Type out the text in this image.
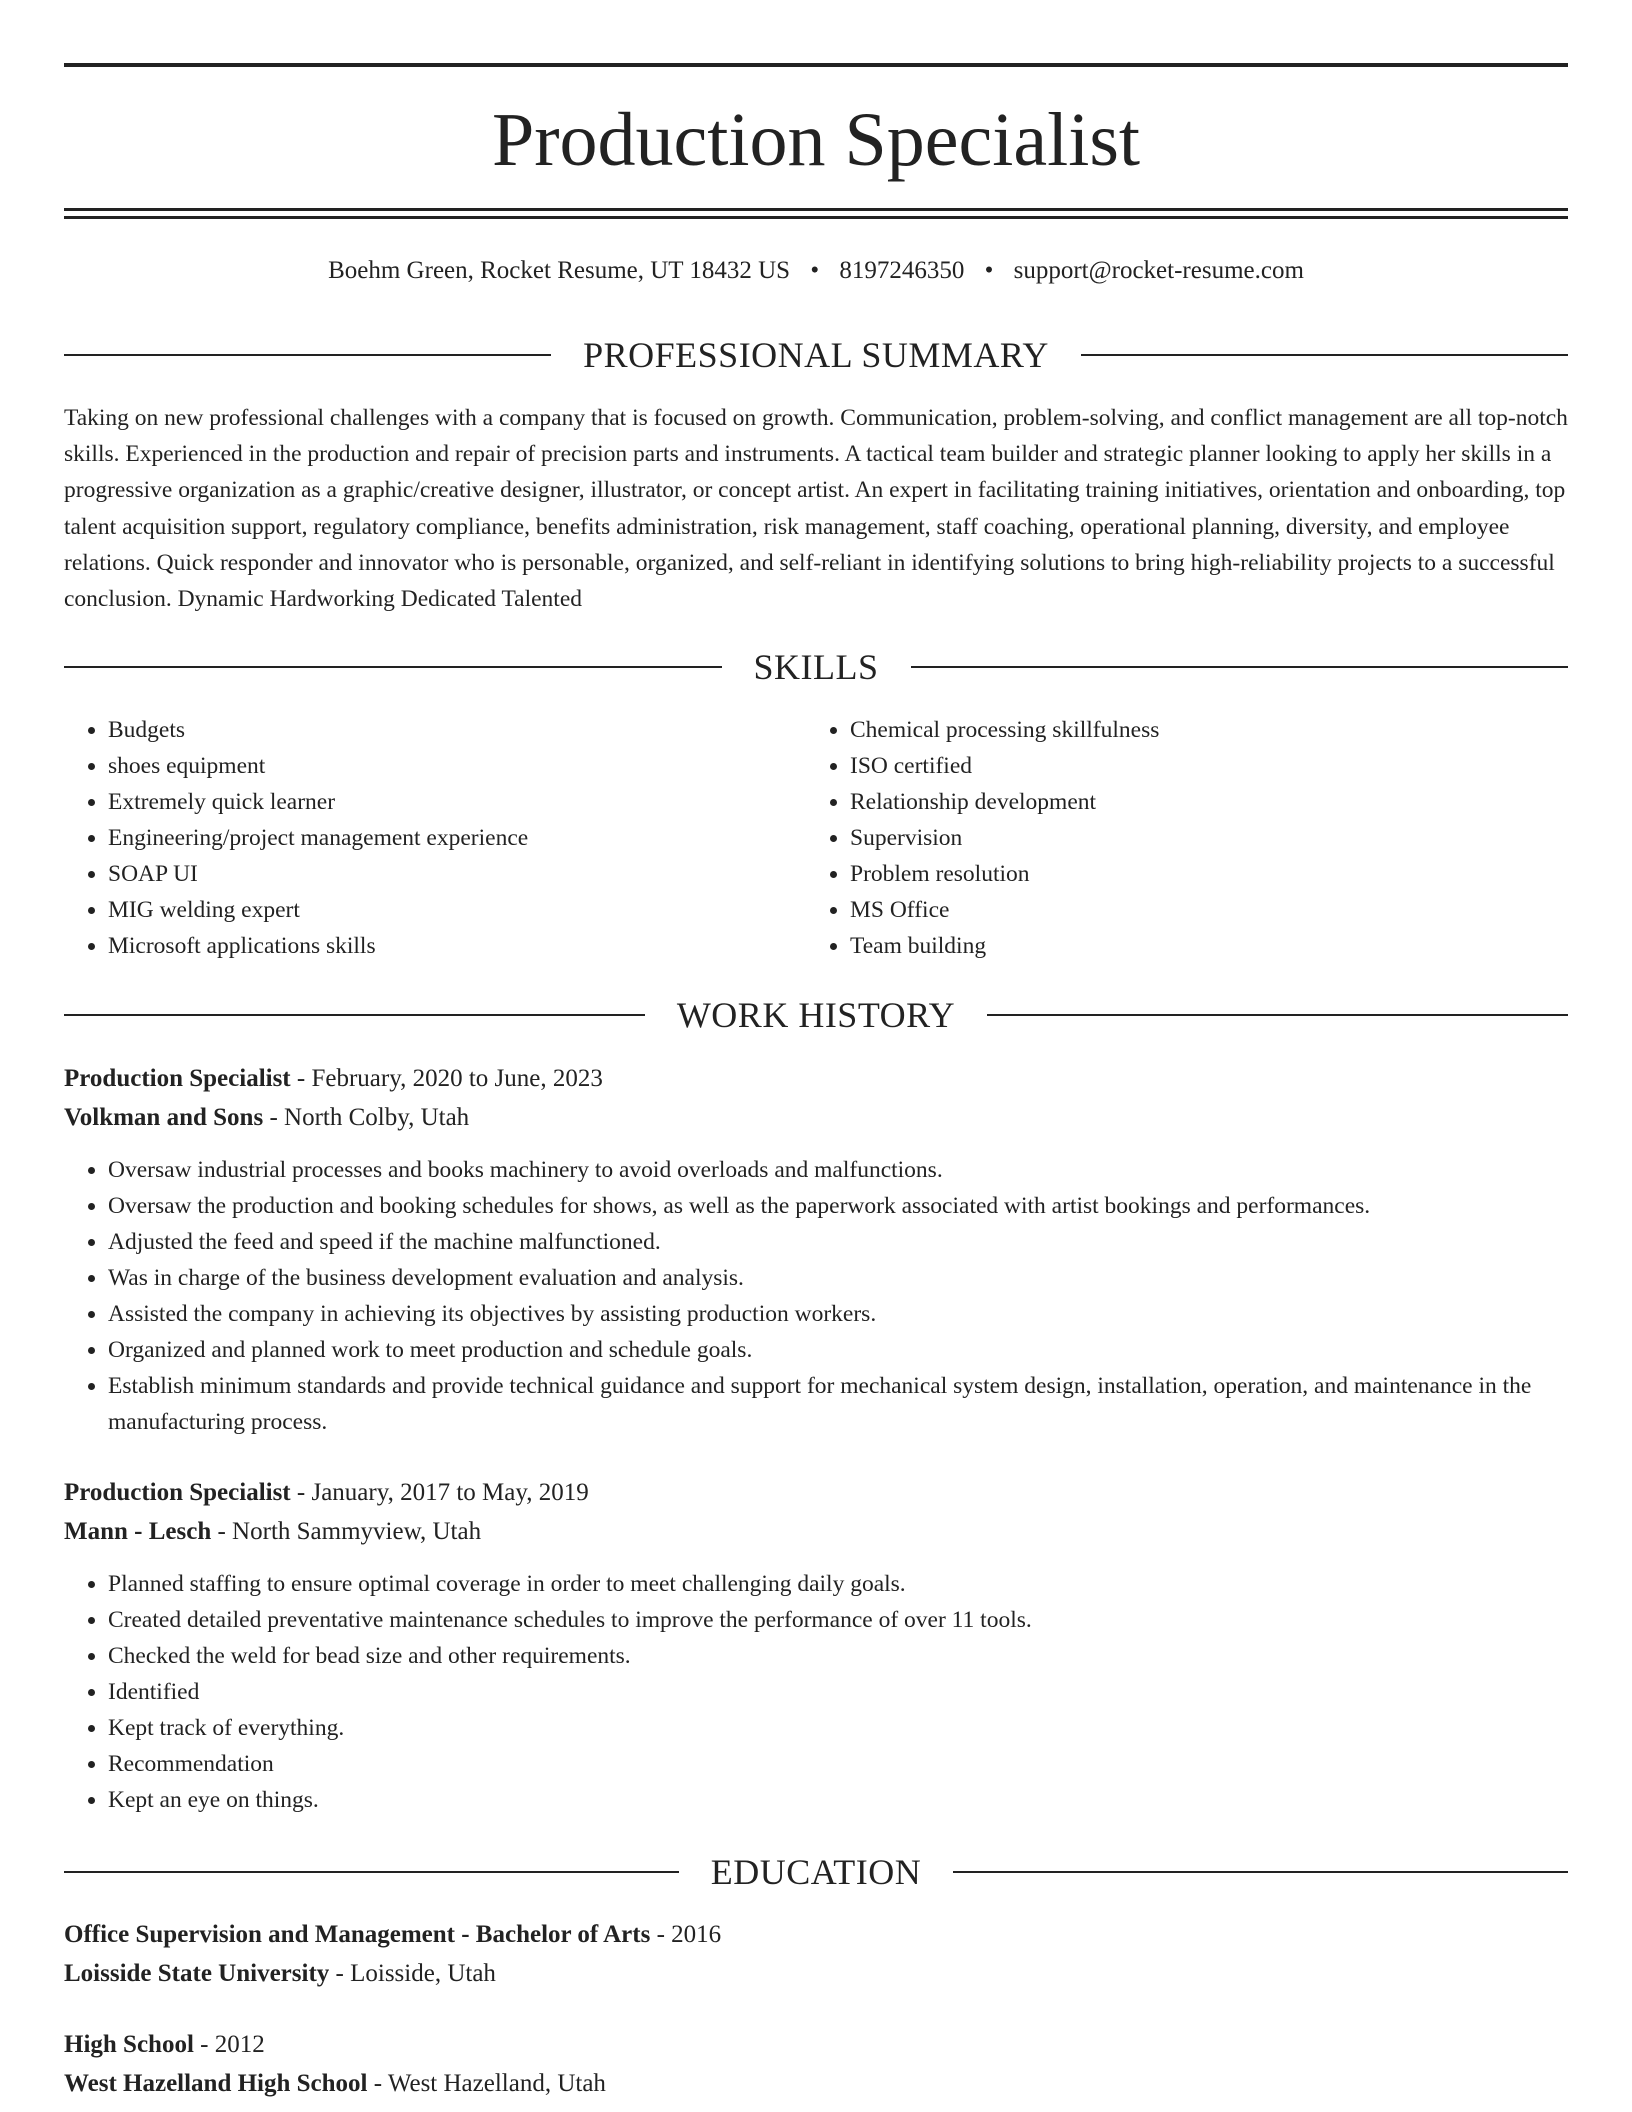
Production Specialist
Boehm Green, Rocket Resume, UT 18432 US • 8197246350 • support@rocket-resume.com
PROFESSIONAL SUMMARY

Taking on new professional challenges with a company that is focused on growth. Communication, problem-solving, and conflict management are all top-notch skills. Experienced in the production and repair of precision parts and instruments. A tactical team builder and strategic planner looking to apply her skills in a progressive organization as a graphic/creative designer, illustrator, or concept artist. An expert in facilitating training initiatives, orientation and onboarding, top talent acquisition support, regulatory compliance, benefits administration, risk management, staff coaching, operational planning, diversity, and employee relations. Quick responder and innovator who is personable, organized, and self-reliant in identifying solutions to bring high-reliability projects to a successful conclusion. Dynamic Hardworking Dedicated Talented

SKILLS
• Budgets
• shoes equipment
• Extremely quick learner
• Engineering/project management experience
• SOAP UI
• MIG welding expert
• Microsoft applications skills
• Chemical processing skillfulness
• ISO certified
• Relationship development
• Supervision
• Problem resolution
• MS Office
• Team building
WORK HISTORY
Production Specialist - February, 2020 to June, 2023
Volkman and Sons - North Colby, Utah
• Oversaw industrial processes and books machinery to avoid overloads and malfunctions.
• Oversaw the production and booking schedules for shows, as well as the paperwork associated with artist bookings and performances.
• Adjusted the feed and speed if the machine malfunctioned.
• Was in charge of the business development evaluation and analysis.
• Assisted the company in achieving its objectives by assisting production workers.
• Organized and planned work to meet production and schedule goals.
• Establish minimum standards and provide technical guidance and support for mechanical system design, installation, operation, and maintenance in the manufacturing process.
Production Specialist - January, 2017 to May, 2019
Mann - Lesch - North Sammyview, Utah
• Planned staffing to ensure optimal coverage in order to meet challenging daily goals.
• Created detailed preventative maintenance schedules to improve the performance of over 11 tools.
• Checked the weld for bead size and other requirements.
• Identified
• Kept track of everything.
• Recommendation
• Kept an eye on things.
EDUCATION
Office Supervision and Management - Bachelor of Arts - 2016
Loisside State University - Loisside, Utah
High School - 2012
West Hazelland High School - West Hazelland, Utah
